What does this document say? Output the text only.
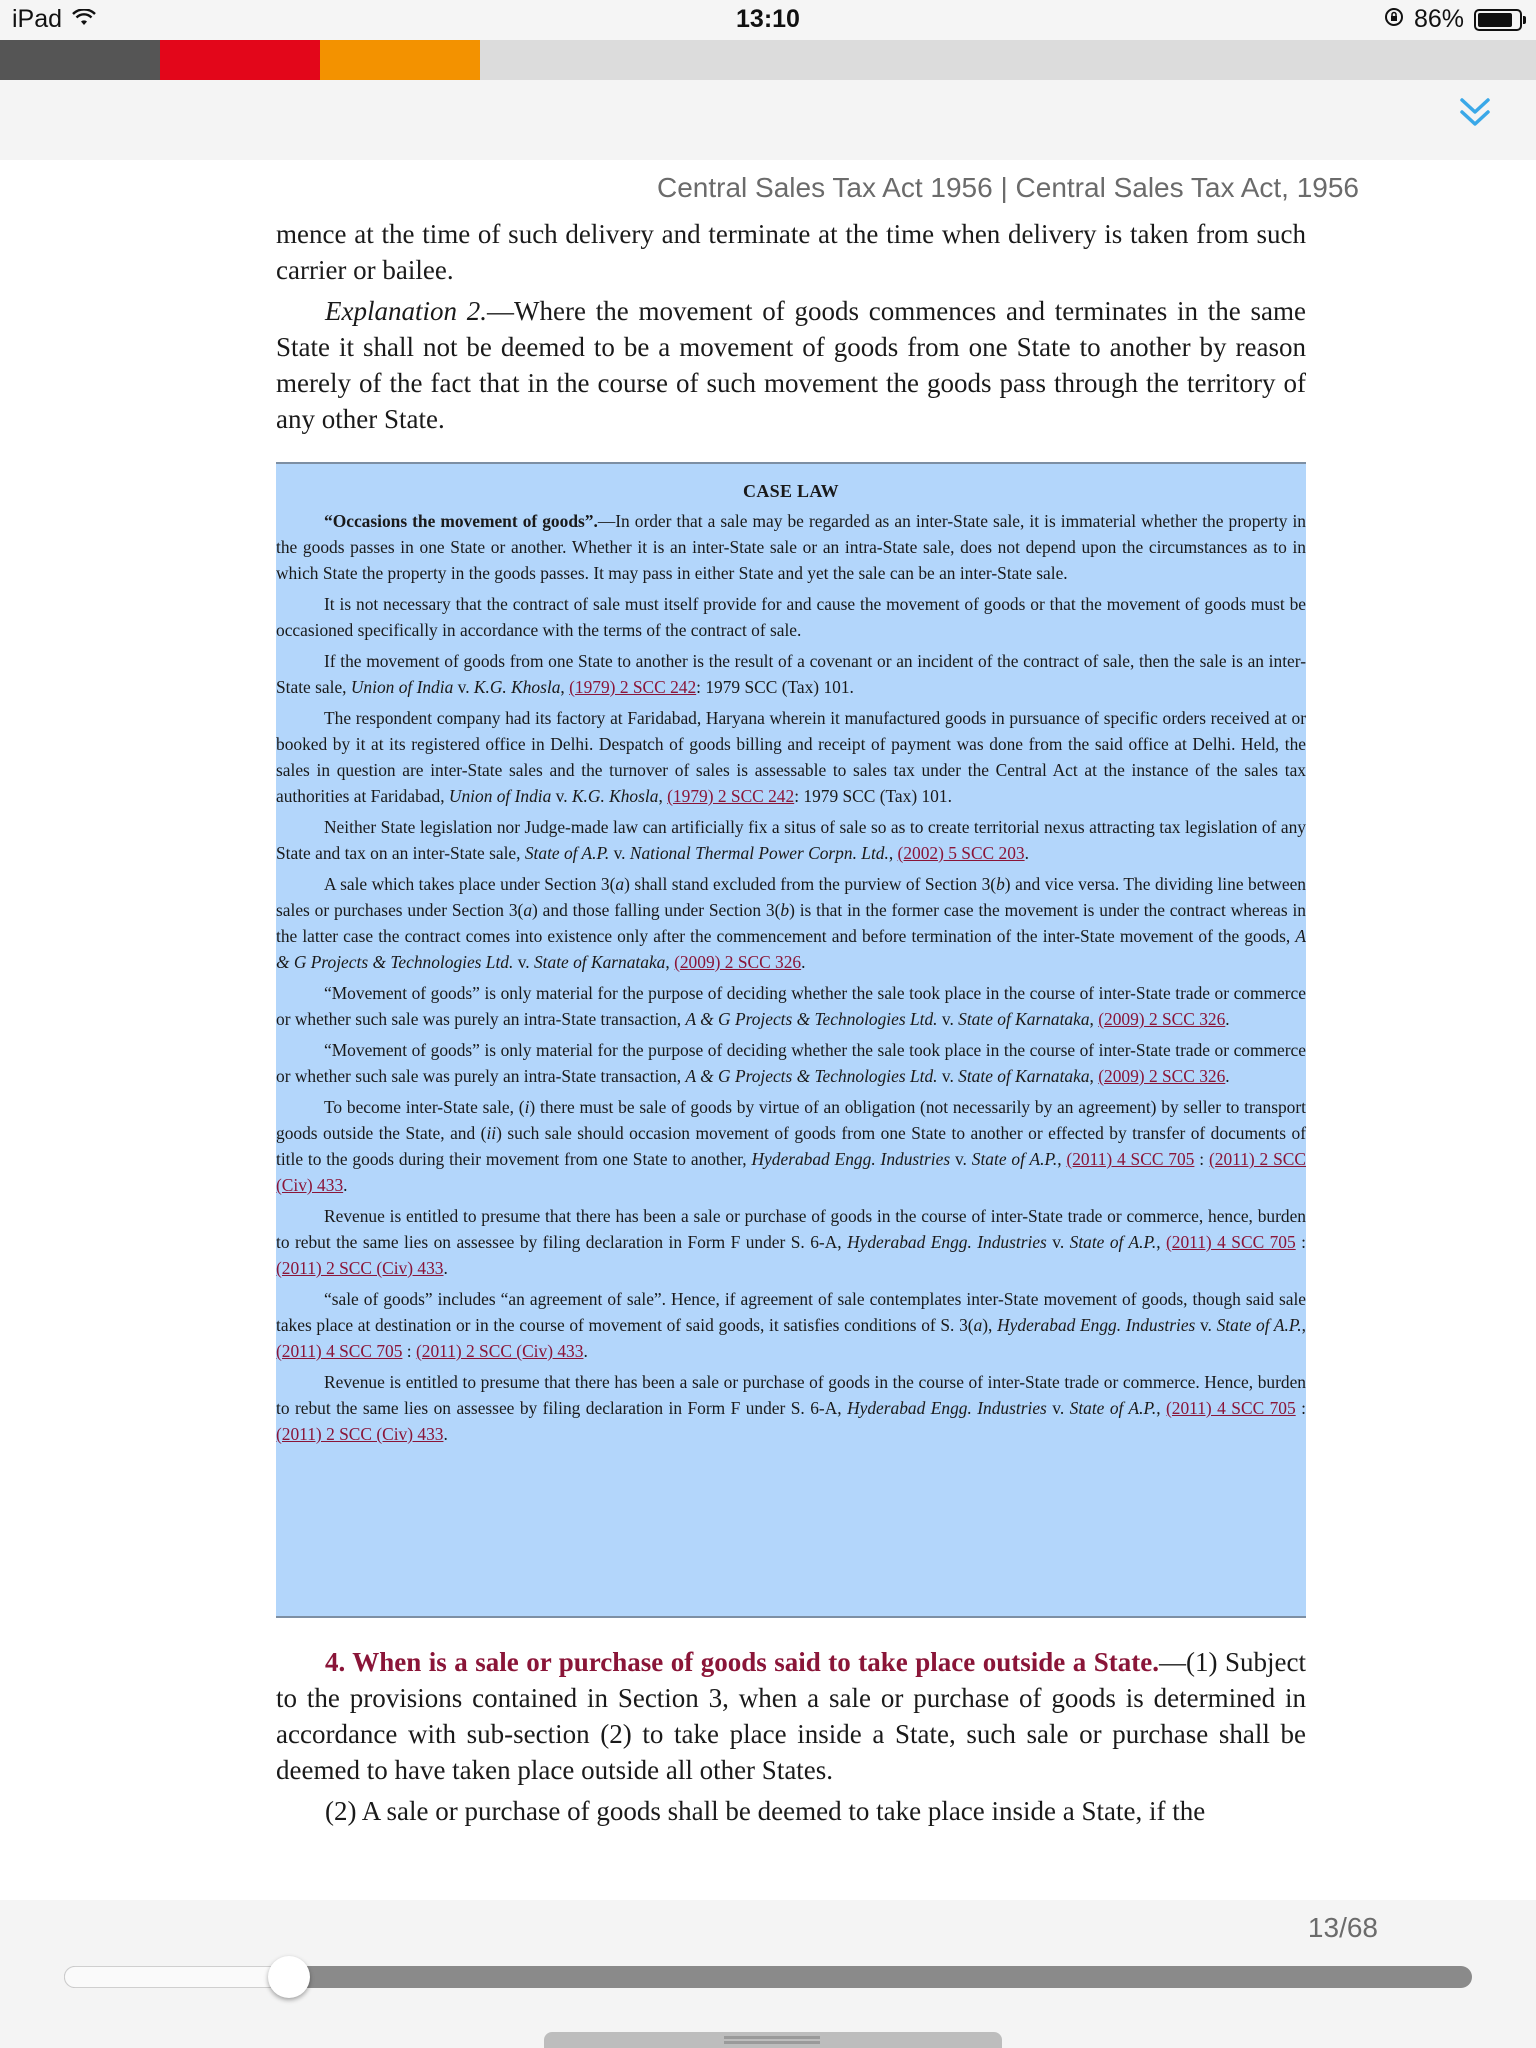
iPad	13:10	86%
Central Sales Tax Act 1956 | Central Sales Tax Act, 1956

mence at the time of such delivery and terminate at the time when delivery is taken from such carrier or bailee.

Explanation 2.—Where the movement of goods commences and terminates in the same State it shall not be deemed to be a movement of goods from one State to another by reason merely of the fact that in the course of such movement the goods pass through the territory of any other State.

CASE LAW

“Occasions the movement of goods”.—In order that a sale may be regarded as an inter-State sale, it is immaterial whether the property in the goods passes in one State or another. Whether it is an inter-State sale or an intra-State sale, does not depend upon the circumstances as to in which State the property in the goods passes. It may pass in either State and yet the sale can be an inter-State sale.

It is not necessary that the contract of sale must itself provide for and cause the movement of goods or that the movement of goods must be occasioned specifically in accordance with the terms of the contract of sale.

If the movement of goods from one State to another is the result of a covenant or an incident of the contract of sale, then the sale is an inter-State sale, Union of India v. K.G. Khosla, (1979) 2 SCC 242: 1979 SCC (Tax) 101.

The respondent company had its factory at Faridabad, Haryana wherein it manufactured goods in pursuance of specific orders received at or booked by it at its registered office in Delhi. Despatch of goods billing and receipt of payment was done from the said office at Delhi. Held, the sales in question are inter-State sales and the turnover of sales is assessable to sales tax under the Central Act at the instance of the sales tax authorities at Faridabad, Union of India v. K.G. Khosla, (1979) 2 SCC 242: 1979 SCC (Tax) 101.

Neither State legislation nor Judge-made law can artificially fix a situs of sale so as to create territorial nexus attracting tax legislation of any State and tax on an inter-State sale, State of A.P. v. National Thermal Power Corpn. Ltd., (2002) 5 SCC 203.

A sale which takes place under Section 3(a) shall stand excluded from the purview of Section 3(b) and vice versa. The dividing line between sales or purchases under Section 3(a) and those falling under Section 3(b) is that in the former case the movement is under the contract whereas in the latter case the contract comes into existence only after the commencement and before termination of the inter-State movement of the goods, A & G Projects & Technologies Ltd. v. State of Karnataka, (2009) 2 SCC 326.

“Movement of goods” is only material for the purpose of deciding whether the sale took place in the course of inter-State trade or commerce or whether such sale was purely an intra-State transaction, A & G Projects & Technologies Ltd. v. State of Karnataka, (2009) 2 SCC 326.

“Movement of goods” is only material for the purpose of deciding whether the sale took place in the course of inter-State trade or commerce or whether such sale was purely an intra-State transaction, A & G Projects & Technologies Ltd. v. State of Karnataka, (2009) 2 SCC 326.

To become inter-State sale, (i) there must be sale of goods by virtue of an obligation (not necessarily by an agreement) by seller to transport goods outside the State, and (ii) such sale should occasion movement of goods from one State to another or effected by transfer of documents of title to the goods during their movement from one State to another, Hyderabad Engg. Industries v. State of A.P., (2011) 4 SCC 705 : (2011) 2 SCC (Civ) 433.

Revenue is entitled to presume that there has been a sale or purchase of goods in the course of inter-State trade or commerce, hence, burden to rebut the same lies on assessee by filing declaration in Form F under S. 6-A, Hyderabad Engg. Industries v. State of A.P., (2011) 4 SCC 705 : (2011) 2 SCC (Civ) 433.

“sale of goods” includes “an agreement of sale”. Hence, if agreement of sale contemplates inter-State movement of goods, though said sale takes place at destination or in the course of movement of said goods, it satisfies conditions of S. 3(a), Hyderabad Engg. Industries v. State of A.P., (2011) 4 SCC 705 : (2011) 2 SCC (Civ) 433.

Revenue is entitled to presume that there has been a sale or purchase of goods in the course of inter-State trade or commerce. Hence, burden to rebut the same lies on assessee by filing declaration in Form F under S. 6-A, Hyderabad Engg. Industries v. State of A.P., (2011) 4 SCC 705 : (2011) 2 SCC (Civ) 433.

4. When is a sale or purchase of goods said to take place outside a State.—(1) Subject to the provisions contained in Section 3, when a sale or purchase of goods is determined in accordance with sub-section (2) to take place inside a State, such sale or purchase shall be deemed to have taken place outside all other States.

(2) A sale or purchase of goods shall be deemed to take place inside a State, if the

13/68
